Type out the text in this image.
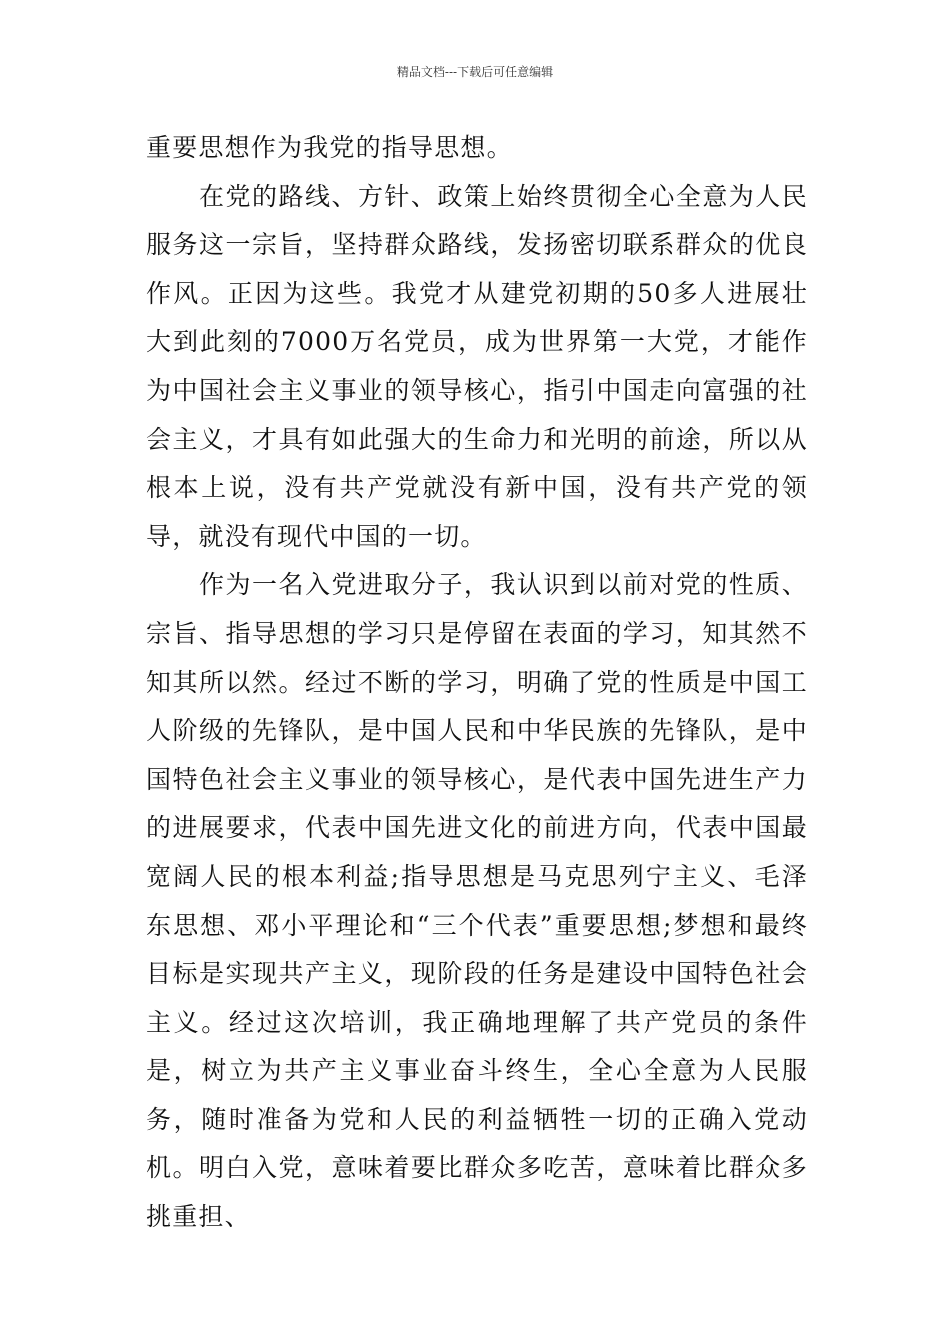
精品文档---下载后可任意编辑

重要思想作为我党的指导思想。

在党的路线、方针、政策上始终贯彻全心全意为人民服务这一宗旨，坚持群众路线，发扬密切联系群众的优良作风。正因为这些。我党才从建党初期的50多人进展壮大到此刻的7000万名党员，成为世界第一大党，才能作为中国社会主义事业的领导核心，指引中国走向富强的社会主义，才具有如此强大的生命力和光明的前途，所以从根本上说，没有共产党就没有新中国，没有共产党的领导，就没有现代中国的一切。

作为一名入党进取分子，我认识到以前对党的性质、宗旨、指导思想的学习只是停留在表面的学习，知其然不知其所以然。经过不断的学习，明确了党的性质是中国工人阶级的先锋队，是中国人民和中华民族的先锋队，是中国特色社会主义事业的领导核心，是代表中国先进生产力的进展要求，代表中国先进文化的前进方向，代表中国最宽阔人民的根本利益;指导思想是马克思列宁主义、毛泽东思想、邓小平理论和“三个代表”重要思想;梦想和最终目标是实现共产主义，现阶段的任务是建设中国特色社会主义。经过这次培训，我正确地理解了共产党员的条件是，树立为共产主义事业奋斗终生，全心全意为人民服务，随时准备为党和人民的利益牺牲一切的正确入党动机。明白入党，意味着要比群众多吃苦，意味着比群众多挑重担、
